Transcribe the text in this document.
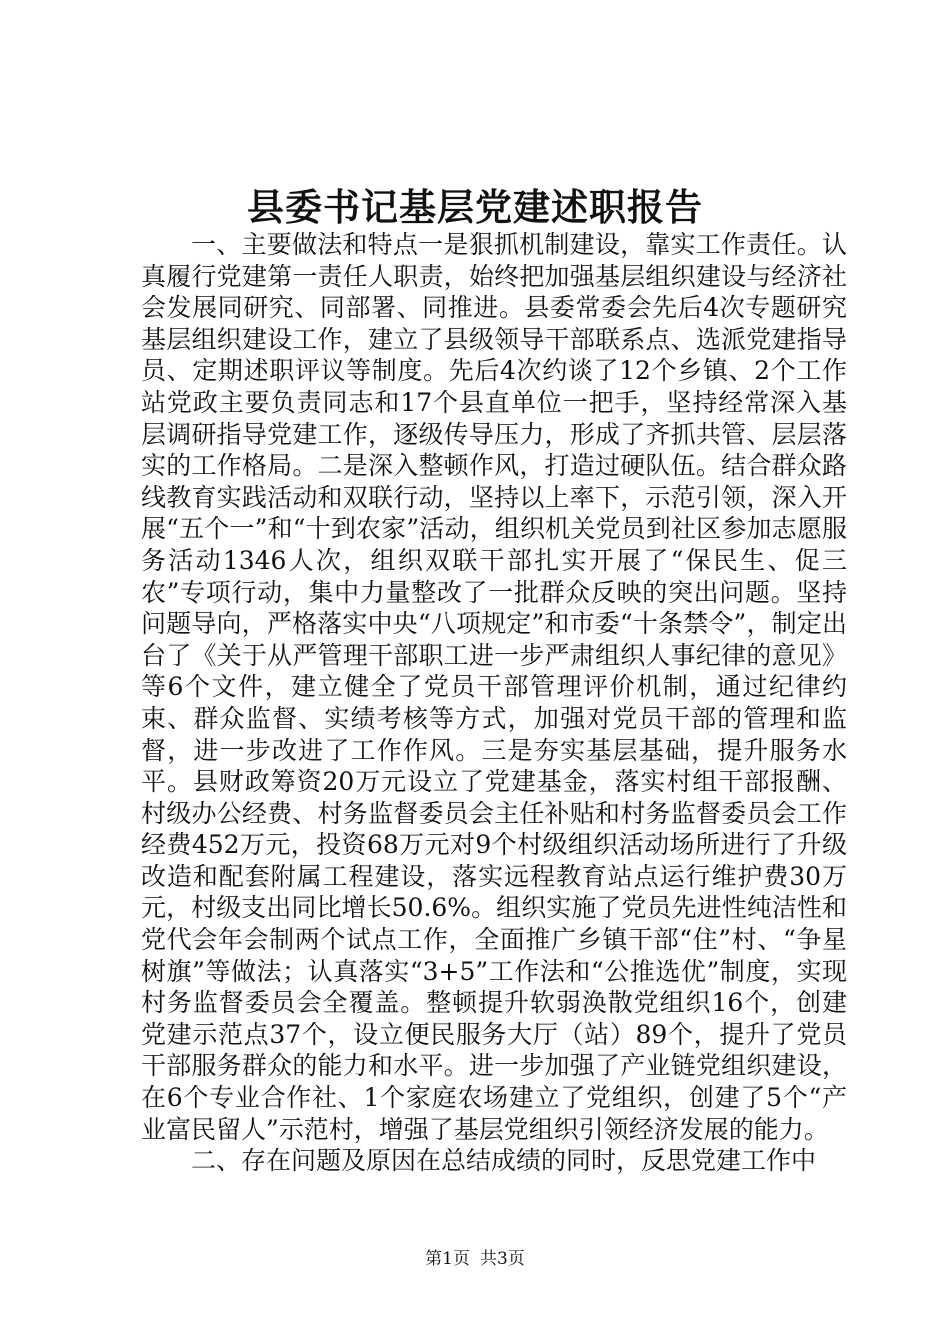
县委书记基层党建述职报告

一、主要做法和特点一是狠抓机制建设，靠实工作责任。认真履行党建第一责任人职责，始终把加强基层组织建设与经济社会发展同研究、同部署、同推进。县委常委会先后4次专题研究基层组织建设工作，建立了县级领导干部联系点、选派党建指导员、定期述职评议等制度。先后4次约谈了12个乡镇、2个工作站党政主要负责同志和17个县直单位一把手，坚持经常深入基层调研指导党建工作，逐级传导压力，形成了齐抓共管、层层落实的工作格局。二是深入整顿作风，打造过硬队伍。结合群众路线教育实践活动和双联行动，坚持以上率下，示范引领，深入开展“五个一”和“十到农家”活动，组织机关党员到社区参加志愿服务活动1346人次，组织双联干部扎实开展了“保民生、促三农”专项行动，集中力量整改了一批群众反映的突出问题。坚持问题导向，严格落实中央“八项规定”和市委“十条禁令”，制定出台了《关于从严管理干部职工进一步严肃组织人事纪律的意见》等6个文件，建立健全了党员干部管理评价机制，通过纪律约束、群众监督、实绩考核等方式，加强对党员干部的管理和监督，进一步改进了工作作风。三是夯实基层基础，提升服务水平。县财政筹资20万元设立了党建基金，落实村组干部报酬、村级办公经费、村务监督委员会主任补贴和村务监督委员会工作经费452万元，投资68万元对9个村级组织活动场所进行了升级改造和配套附属工程建设，落实远程教育站点运行维护费30万元，村级支出同比增长50.6%。组织实施了党员先进性纯洁性和党代会年会制两个试点工作，全面推广乡镇干部“住”村、“争星树旗”等做法；认真落实“3+5”工作法和“公推选优”制度，实现村务监督委员会全覆盖。整顿提升软弱涣散党组织16个，创建党建示范点37个，设立便民服务大厅（站）89个，提升了党员干部服务群众的能力和水平。进一步加强了产业链党组织建设，在6个专业合作社、1个家庭农场建立了党组织，创建了5个“产业富民留人”示范村，增强了基层党组织引领经济发展的能力。

二、存在问题及原因在总结成绩的同时，反思党建工作中

第1页 共3页
